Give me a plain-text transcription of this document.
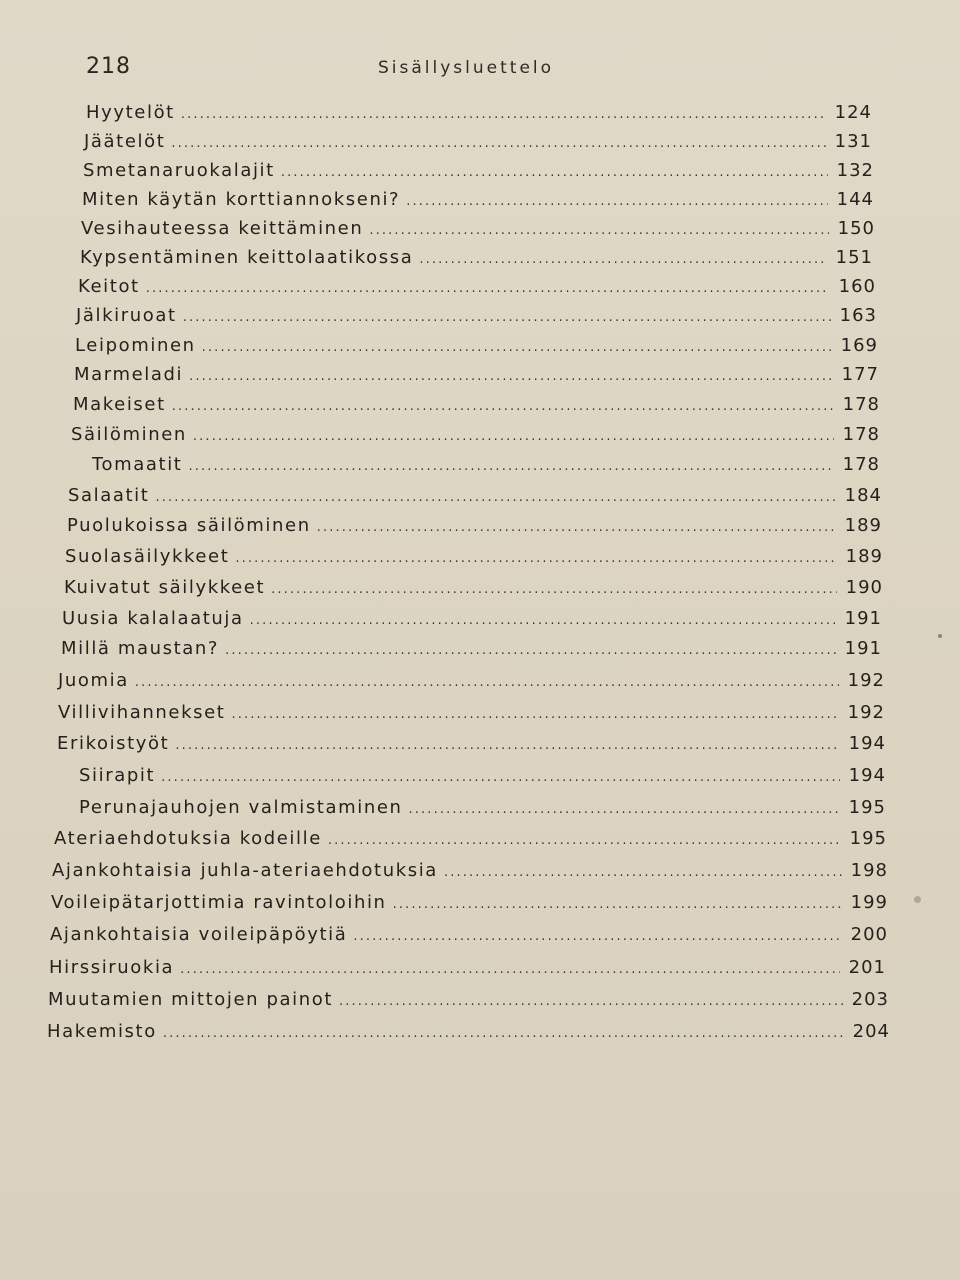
218	Sisällysluettelo
Hyytelöt . . .	124
Jäätelöt . . .	131
Smetanaruokalajit . . .	132
Miten käytän korttiannokseni? . . .	144
Vesihauteessa keittäminen . . .	150
Kypsentäminen keittolaatikossa . . .	151
Keitot . . .	160
Jälkiruoat . . .	163
Leipominen . . .	169
Marmeladi . . .	177
Makeiset . . .	178
Säilöminen . . .	178
Tomaatit . . .	178
Salaatit . . .	184
Puolukoissa säilöminen . . .	189
Suolasäilykkeet . . .	189
Kuivatut säilykkeet . . .	190
Uusia kalalaatuja . . .	191
Millä maustan? . . .	191
Juomia . . .	192
Villivihannekset . . .	192
Erikoistyöt . . .	194
Siirapit . . .	194
Perunajauhojen valmistaminen . . .	195
Ateriaehdotuksia kodeille . . .	195
Ajankohtaisia juhla-ateriaehdotuksia . . .	198
Voileipätarjottimia ravintoloihin . . .	199
Ajankohtaisia voileipäpöytiä . . .	200
Hirssiruokia . . .	201
Muutamien mittojen painot . . .	203
Hakemisto . . .	204
